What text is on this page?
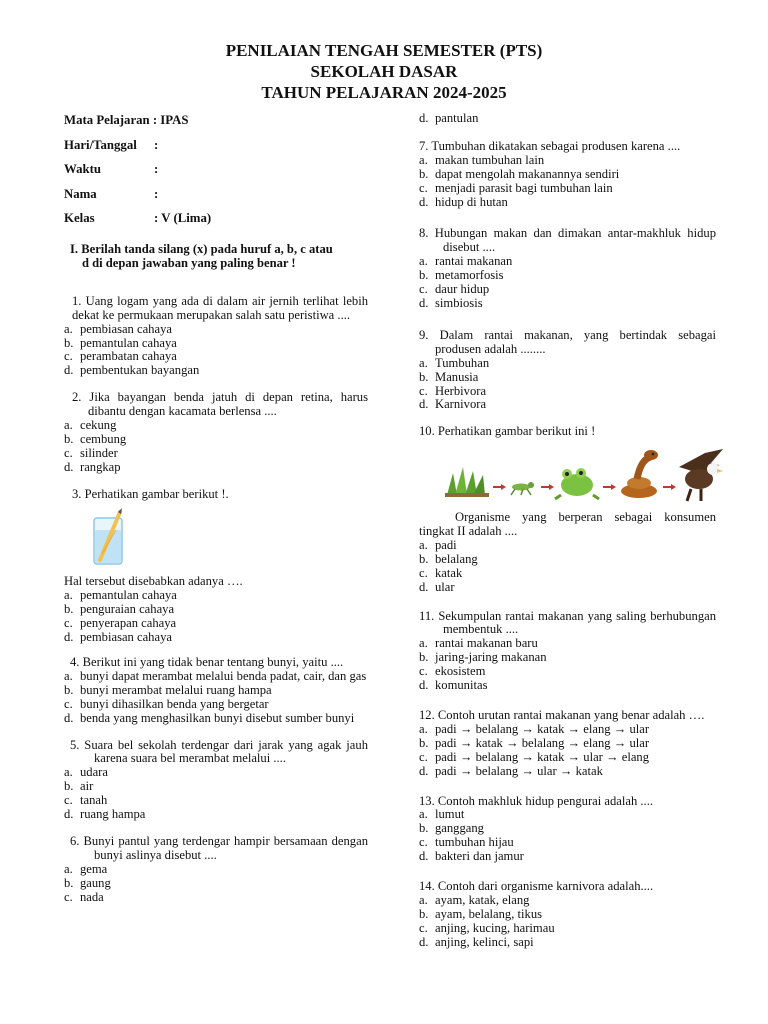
PENILAIAN TENGAH SEMESTER (PTS)
SEKOLAH DASAR
TAHUN PELAJARAN 2024-2025
Mata Pelajaran : IPAS
Hari/Tanggal	:
Waktu	:
Nama	:
Kelas	: V (Lima)
I. Berilah tanda silang (x) pada huruf a, b, c atau
d di depan jawaban yang paling benar !
1. Uang logam yang ada di dalam air jernih terlihat lebih dekat ke permukaan merupakan salah satu peristiwa ....
a. pembiasan cahaya
b. pemantulan cahaya
c. perambatan cahaya
d. pembentukan bayangan
2. Jika bayangan benda jatuh di depan retina, harus dibantu dengan kacamata berlensa ....
a. cekung
b. cembung
c. silinder
d. rangkap
3. Perhatikan gambar berikut !.
Hal tersebut disebabkan adanya ….
a. pemantulan cahaya
b. penguraian cahaya
c. penyerapan cahaya
d. pembiasan cahaya
4. Berikut ini yang tidak benar tentang bunyi, yaitu ....
a. bunyi dapat merambat melalui benda padat, cair, dan gas
b. bunyi merambat melalui ruang hampa
c. bunyi dihasilkan benda yang bergetar
d. benda yang menghasilkan bunyi disebut sumber bunyi
5. Suara bel sekolah terdengar dari jarak yang agak jauh karena suara bel merambat melalui ....
a. udara
b. air
c. tanah
d. ruang hampa
6. Bunyi pantul yang terdengar hampir bersamaan dengan bunyi aslinya disebut ....
a. gema
b. gaung
c. nada
d. pantulan
7. Tumbuhan dikatakan sebagai produsen karena ....
a. makan tumbuhan lain
b. dapat mengolah makanannya sendiri
c. menjadi parasit bagi tumbuhan lain
d. hidup di hutan
8. Hubungan makan dan dimakan antar-makhluk hidup disebut ....
a. rantai makanan
b. metamorfosis
c. daur hidup
d. simbiosis
9. Dalam rantai makanan, yang bertindak sebagai produsen adalah ........
a. Tumbuhan
b. Manusia
c. Herbivora
d. Karnivora
10. Perhatikan gambar berikut ini !
Organisme yang berperan sebagai konsumen tingkat II adalah ....
a. padi
b. belalang
c. katak
d. ular
11. Sekumpulan rantai makanan yang saling berhubungan membentuk ....
a. rantai makanan baru
b. jaring-jaring makanan
c. ekosistem
d. komunitas
12. Contoh urutan rantai makanan yang benar adalah ….
a. padi → belalang → katak → elang → ular
b. padi → katak → belalang → elang → ular
c. padi → belalang → katak → ular → elang
d. padi → belalang → ular → katak
13. Contoh makhluk hidup pengurai adalah ....
a. lumut
b. ganggang
c. tumbuhan hijau
d. bakteri dan jamur
14. Contoh dari organisme karnivora adalah....
a. ayam, katak, elang
b. ayam, belalang, tikus
c. anjing, kucing, harimau
d. anjing, kelinci, sapi
